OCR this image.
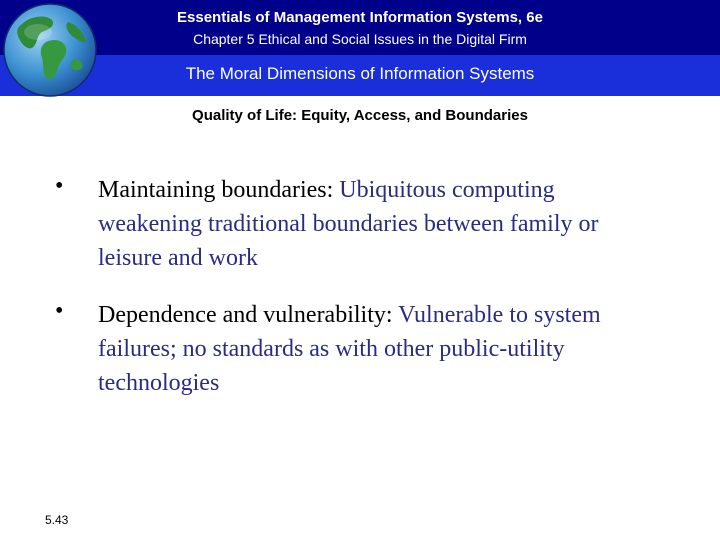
Essentials of Management Information Systems, 6e
Chapter 5 Ethical and Social Issues in the Digital Firm
The Moral Dimensions of Information Systems
Quality of Life: Equity, Access, and Boundaries
• Maintaining boundaries: Ubiquitous computing weakening traditional boundaries between family or leisure and work
• Dependence and vulnerability: Vulnerable to system failures; no standards as with other public-utility technologies
5.43
